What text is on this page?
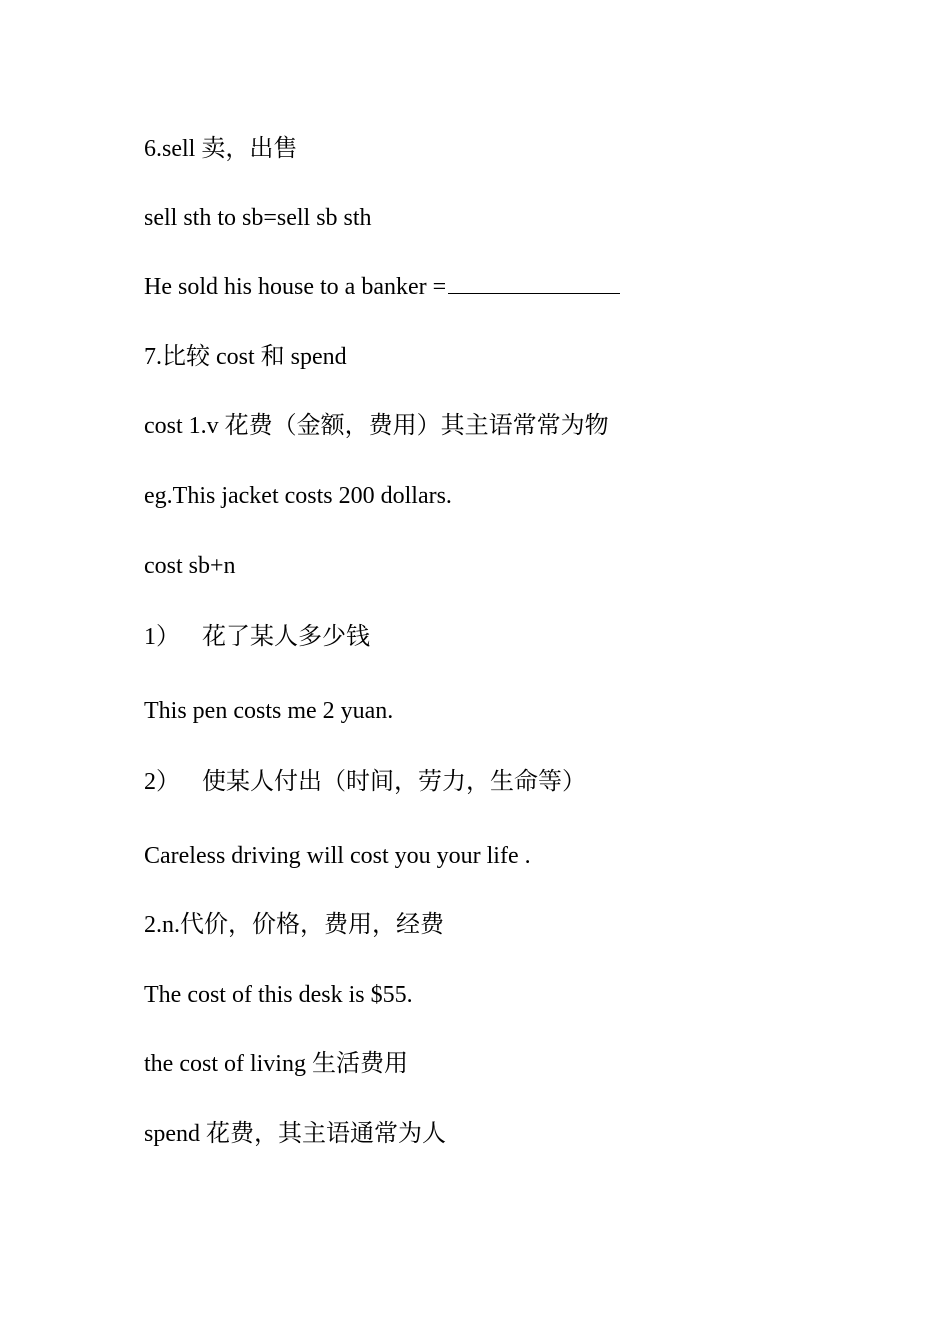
6.sell 卖，出售
sell sth to sb=sell sb sth
He sold his house to a banker =
7.比较 cost 和 spend
cost 1.v 花费（金额，费用）其主语常常为物
eg.This jacket costs 200 dollars.
cost sb+n
1） 花了某人多少钱
This pen costs me 2 yuan.
2） 使某人付出（时间，劳力，生命等）
Careless driving will cost you your life .
2.n.代价，价格，费用，经费
The cost of this desk is $55.
the cost of living 生活费用
spend 花费，其主语通常为人
